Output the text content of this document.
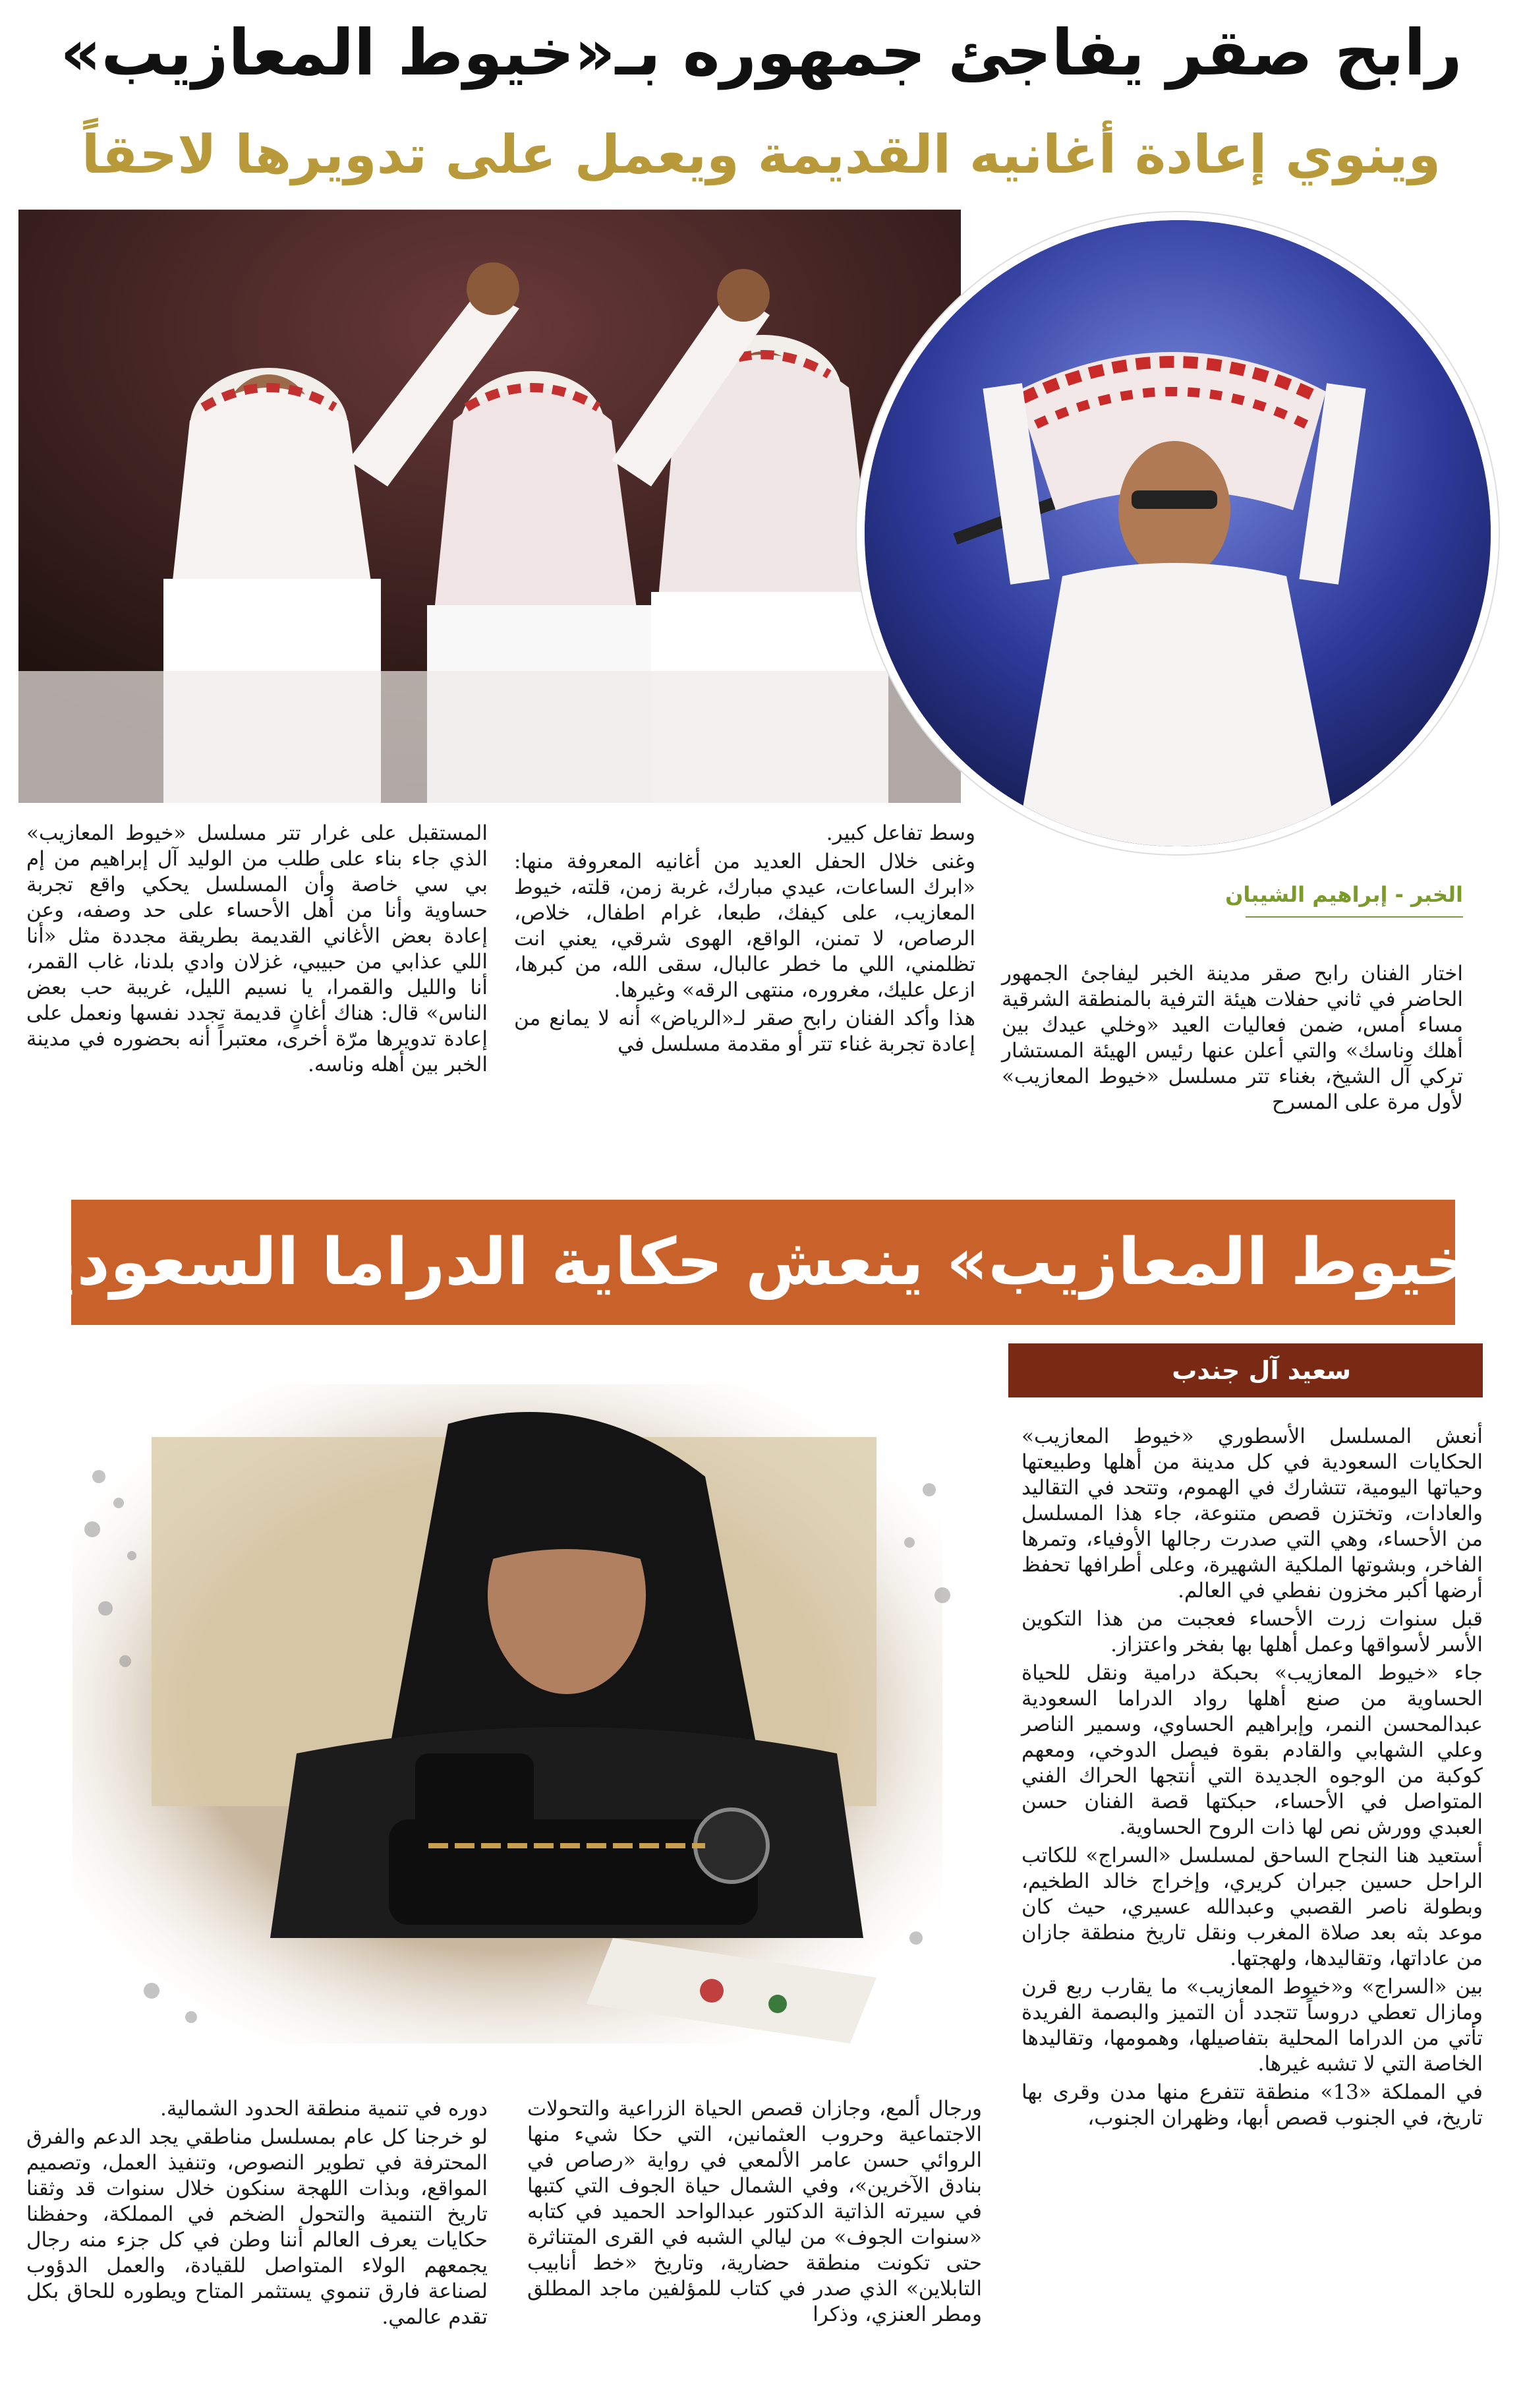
رابح صقر يفاجئ جمهوره بـ«خيوط المعازيب»
وينوي إعادة أغانيه القديمة ويعمل على تدويرها لاحقاً
الخبر - إبراهيم الشيبان

اختار الفنان رابح صقر مدينة الخبر ليفاجئ الجمهور الحاضر في ثاني حفلات هيئة الترفية بالمنطقة الشرقية مساء أمس، ضمن فعاليات العيد «وخلي عيدك بين أهلك وناسك» والتي أعلن عنها رئيس الهيئة المستشار تركي آل الشيخ، بغناء تتر مسلسل «خيوط المعازيب» لأول مرة على المسرح

وسط تفاعل كبير.

وغنى خلال الحفل العديد من أغانيه المعروفة منها: «ابرك الساعات، عيدي مبارك، غربة زمن، قلته، خيوط المعازيب، على كيفك، طبعا، غرام اطفال، خلاص، الرصاص، لا تمنن، الواقع، الهوى شرقي، يعني انت تظلمني، اللي ما خطر عالبال، سقى الله، من كبرها، ازعل عليك، مغروره، منتهى الرقه» وغيرها.

هذا وأكد الفنان رابح صقر لـ«الرياض» أنه لا يمانع من إعادة تجربة غناء تتر أو مقدمة مسلسل في

المستقبل على غرار تتر مسلسل «خيوط المعازيب» الذي جاء بناء على طلب من الوليد آل إبراهيم من إم بي سي خاصة وأن المسلسل يحكي واقع تجربة حساوية وأنا من أهل الأحساء على حد وصفه، وعن إعادة بعض الأغاني القديمة بطريقة مجددة مثل «أنا اللي عذابي من حبيبي، غزلان وادي بلدنا، غاب القمر، أنا والليل والقمرا، يا نسيم الليل، غريبة حب بعض الناس» قال: هناك أغانٍ قديمة تجدد نفسها ونعمل على إعادة تدويرها مرّة أخرى، معتبراً أنه بحضوره في مدينة الخبر بين أهله وناسه.

«خيوط المعازيب» ينعش حكاية الدراما السعودية
سعيد آل جندب

أنعش المسلسل الأسطوري «خيوط المعازيب» الحكايات السعودية في كل مدينة من أهلها وطبيعتها وحياتها اليومية، تتشارك في الهموم، وتتحد في التقاليد والعادات، وتختزن قصص متنوعة، جاء هذا المسلسل من الأحساء، وهي التي صدرت رجالها الأوفياء، وتمرها الفاخر، وبشوتها الملكية الشهيرة، وعلى أطرافها تحفظ أرضها أكبر مخزون نفطي في العالم.

قبل سنوات زرت الأحساء فعجبت من هذا التكوين الأسر لأسواقها وعمل أهلها بها بفخر واعتزاز.

جاء «خيوط المعازيب» بحبكة درامية ونقل للحياة الحساوية من صنع أهلها رواد الدراما السعودية عبدالمحسن النمر، وإبراهيم الحساوي، وسمير الناصر وعلي الشهابي والقادم بقوة فيصل الدوخي، ومعهم كوكبة من الوجوه الجديدة التي أنتجها الحراك الفني المتواصل في الأحساء، حبكتها قصة الفنان حسن العبدي وورش نص لها ذات الروح الحساوية.

أستعيد هنا النجاح الساحق لمسلسل «السراج» للكاتب الراحل حسين جبران كريري، وإخراج خالد الطخيم، وبطولة ناصر القصبي وعبدالله عسيري، حيث كان موعد بثه بعد صلاة المغرب ونقل تاريخ منطقة جازان من عاداتها، وتقاليدها، ولهجتها.

بين «السراج» و«خيوط المعازيب» ما يقارب ربع قرن ومازال تعطي دروساً تتجدد أن التميز والبصمة الفريدة تأتي من الدراما المحلية بتفاصيلها، وهمومها، وتقاليدها الخاصة التي لا تشبه غيرها.

في المملكة «13» منطقة تتفرع منها مدن وقرى بها تاريخ، في الجنوب قصص أبها، وظهران الجنوب،

ورجال ألمع، وجازان قصص الحياة الزراعية والتحولات الاجتماعية وحروب العثمانين، التي حكا شيء منها الروائي حسن عامر الألمعي في رواية «رصاص في بنادق الآخرين»، وفي الشمال حياة الجوف التي كتبها في سيرته الذاتية الدكتور عبدالواحد الحميد في كتابه «سنوات الجوف» من ليالي الشبه في القرى المتناثرة حتى تكونت منطقة حضارية، وتاريخ «خط أنابيب التابلاين» الذي صدر في كتاب للمؤلفين ماجد المطلق ومطر العنزي، وذكرا

دوره في تنمية منطقة الحدود الشمالية.

لو خرجنا كل عام بمسلسل مناطقي يجد الدعم والفرق المحترفة في تطوير النصوص، وتنفيذ العمل، وتصميم المواقع، وبذات اللهجة سنكون خلال سنوات قد وثقنا تاريخ التنمية والتحول الضخم في المملكة، وحفظنا حكايات يعرف العالم أننا وطن في كل جزء منه رجال يجمعهم الولاء المتواصل للقيادة، والعمل الدؤوب لصناعة فارق تنموي يستثمر المتاح ويطوره للحاق بكل تقدم عالمي.
